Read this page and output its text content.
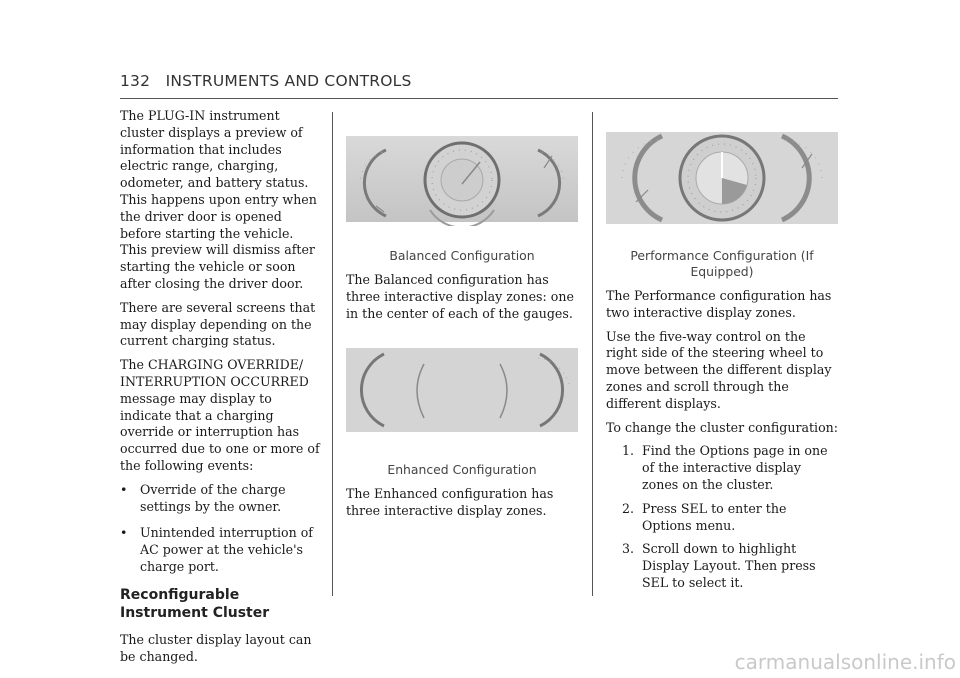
132 INSTRUMENTS AND CONTROLS

The PLUG-IN instrument cluster displays a preview of information that includes electric range, charging, odometer, and battery status. This happens upon entry when the driver door is opened before starting the vehicle. This preview will dismiss after starting the vehicle or soon after closing the driver door.

There are several screens that may display depending on the current charging status.

The CHARGING OVERRIDE/ INTERRUPTION OCCURRED message may display to indicate that a charging override or interruption has occurred due to one or more of the following events:

• Override of the charge settings by the owner.
• Unintended interruption of AC power at the vehicle's charge port.
Reconfigurable Instrument Cluster

The cluster display layout can be changed.

Balanced Configuration

The Balanced configuration has three interactive display zones: one in the center of each of the gauges.

Enhanced Configuration

The Enhanced configuration has three interactive display zones.

Performance Configuration (If Equipped)

The Performance configuration has two interactive display zones.

Use the five-way control on the right side of the steering wheel to move between the different display zones and scroll through the different displays.

To change the cluster configuration:

1. Find the Options page in one of the interactive display zones on the cluster.
2. Press SEL to enter the Options menu.
3. Scroll down to highlight Display Layout. Then press SEL to select it.
carmanualsonline.info
